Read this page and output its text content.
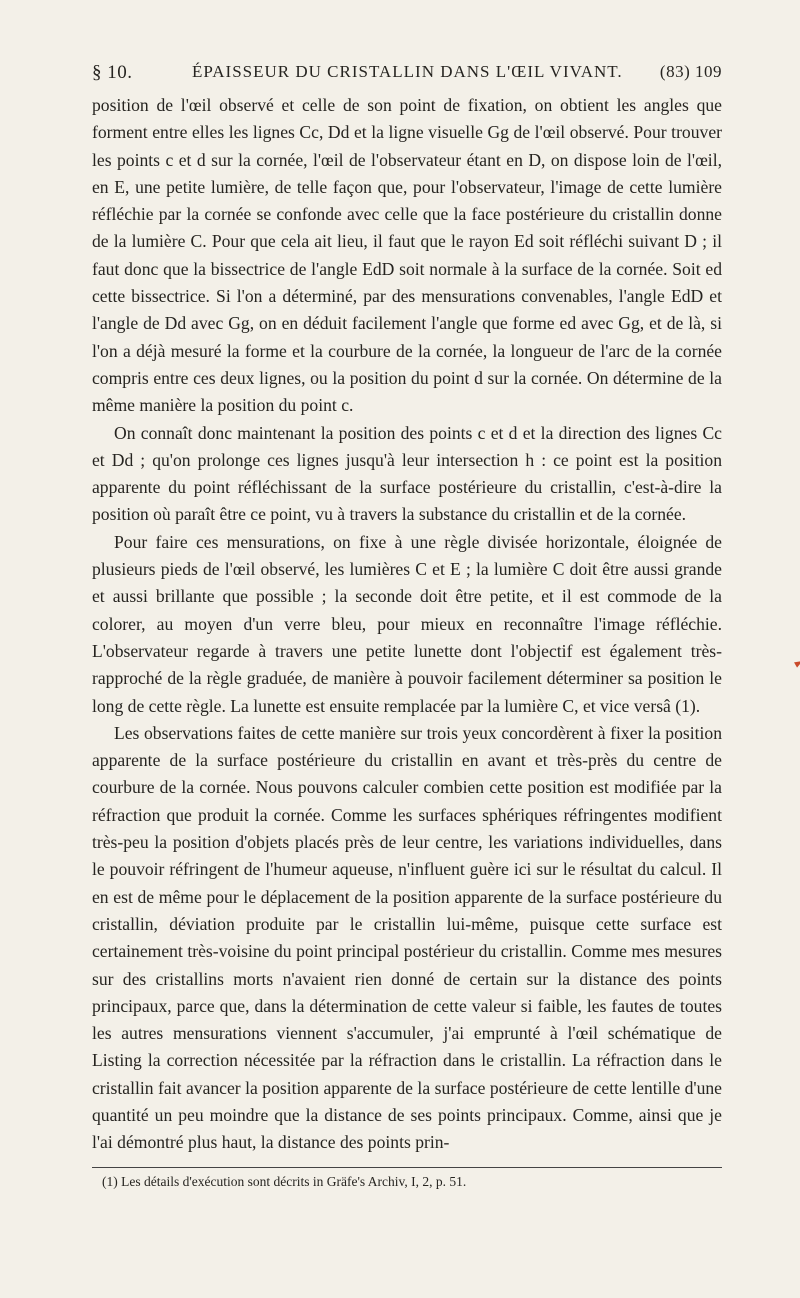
§ 10.	ÉPAISSEUR DU CRISTALLIN DANS L'ŒIL VIVANT. (83) 109

position de l'œil observé et celle de son point de fixation, on obtient les angles que forment entre elles les lignes Cc, Dd et la ligne visuelle Gg de l'œil observé. Pour trouver les points c et d sur la cornée, l'œil de l'observateur étant en D, on dispose loin de l'œil, en E, une petite lumière, de telle façon que, pour l'observateur, l'image de cette lumière réfléchie par la cornée se confonde avec celle que la face postérieure du cristallin donne de la lumière C. Pour que cela ait lieu, il faut que le rayon Ed soit réfléchi suivant D ; il faut donc que la bissectrice de l'angle EdD soit normale à la surface de la cornée. Soit ed cette bissectrice. Si l'on a déterminé, par des mensurations convenables, l'angle EdD et l'angle de Dd avec Gg, on en déduit facilement l'angle que forme ed avec Gg, et de là, si l'on a déjà mesuré la forme et la courbure de la cornée, la longueur de l'arc de la cornée compris entre ces deux lignes, ou la position du point d sur la cornée. On détermine de la même manière la position du point c.

On connaît donc maintenant la position des points c et d et la direction des lignes Cc et Dd ; qu'on prolonge ces lignes jusqu'à leur intersection h : ce point est la position apparente du point réfléchissant de la surface postérieure du cristallin, c'est-à-dire la position où paraît être ce point, vu à travers la substance du cristallin et de la cornée.

Pour faire ces mensurations, on fixe à une règle divisée horizontale, éloignée de plusieurs pieds de l'œil observé, les lumières C et E ; la lumière C doit être aussi grande et aussi brillante que possible ; la seconde doit être petite, et il est commode de la colorer, au moyen d'un verre bleu, pour mieux en reconnaître l'image réfléchie. L'observateur regarde à travers une petite lunette dont l'objectif est également très-rapproché de la règle graduée, de manière à pouvoir facilement déterminer sa position le long de cette règle. La lunette est ensuite remplacée par la lumière C, et vice versâ (1).

Les observations faites de cette manière sur trois yeux concordèrent à fixer la position apparente de la surface postérieure du cristallin en avant et très-près du centre de courbure de la cornée. Nous pouvons calculer combien cette position est modifiée par la réfraction que produit la cornée. Comme les surfaces sphériques réfringentes modifient très-peu la position d'objets placés près de leur centre, les variations individuelles, dans le pouvoir réfringent de l'humeur aqueuse, n'influent guère ici sur le résultat du calcul. Il en est de même pour le déplacement de la position apparente de la surface postérieure du cristallin, déviation produite par le cristallin lui-même, puisque cette surface est certainement très-voisine du point principal postérieur du cristallin. Comme mes mesures sur des cristallins morts n'avaient rien donné de certain sur la distance des points principaux, parce que, dans la détermination de cette valeur si faible, les fautes de toutes les autres mensurations viennent s'accumuler, j'ai emprunté à l'œil schématique de Listing la correction nécessitée par la réfraction dans le cristallin. La réfraction dans le cristallin fait avancer la position apparente de la surface postérieure de cette lentille d'une quantité un peu moindre que la distance de ses points principaux. Comme, ainsi que je l'ai démontré plus haut, la distance des points prin-

(1) Les détails d'exécution sont décrits in Gräfe's Archiv, I, 2, p. 51.
